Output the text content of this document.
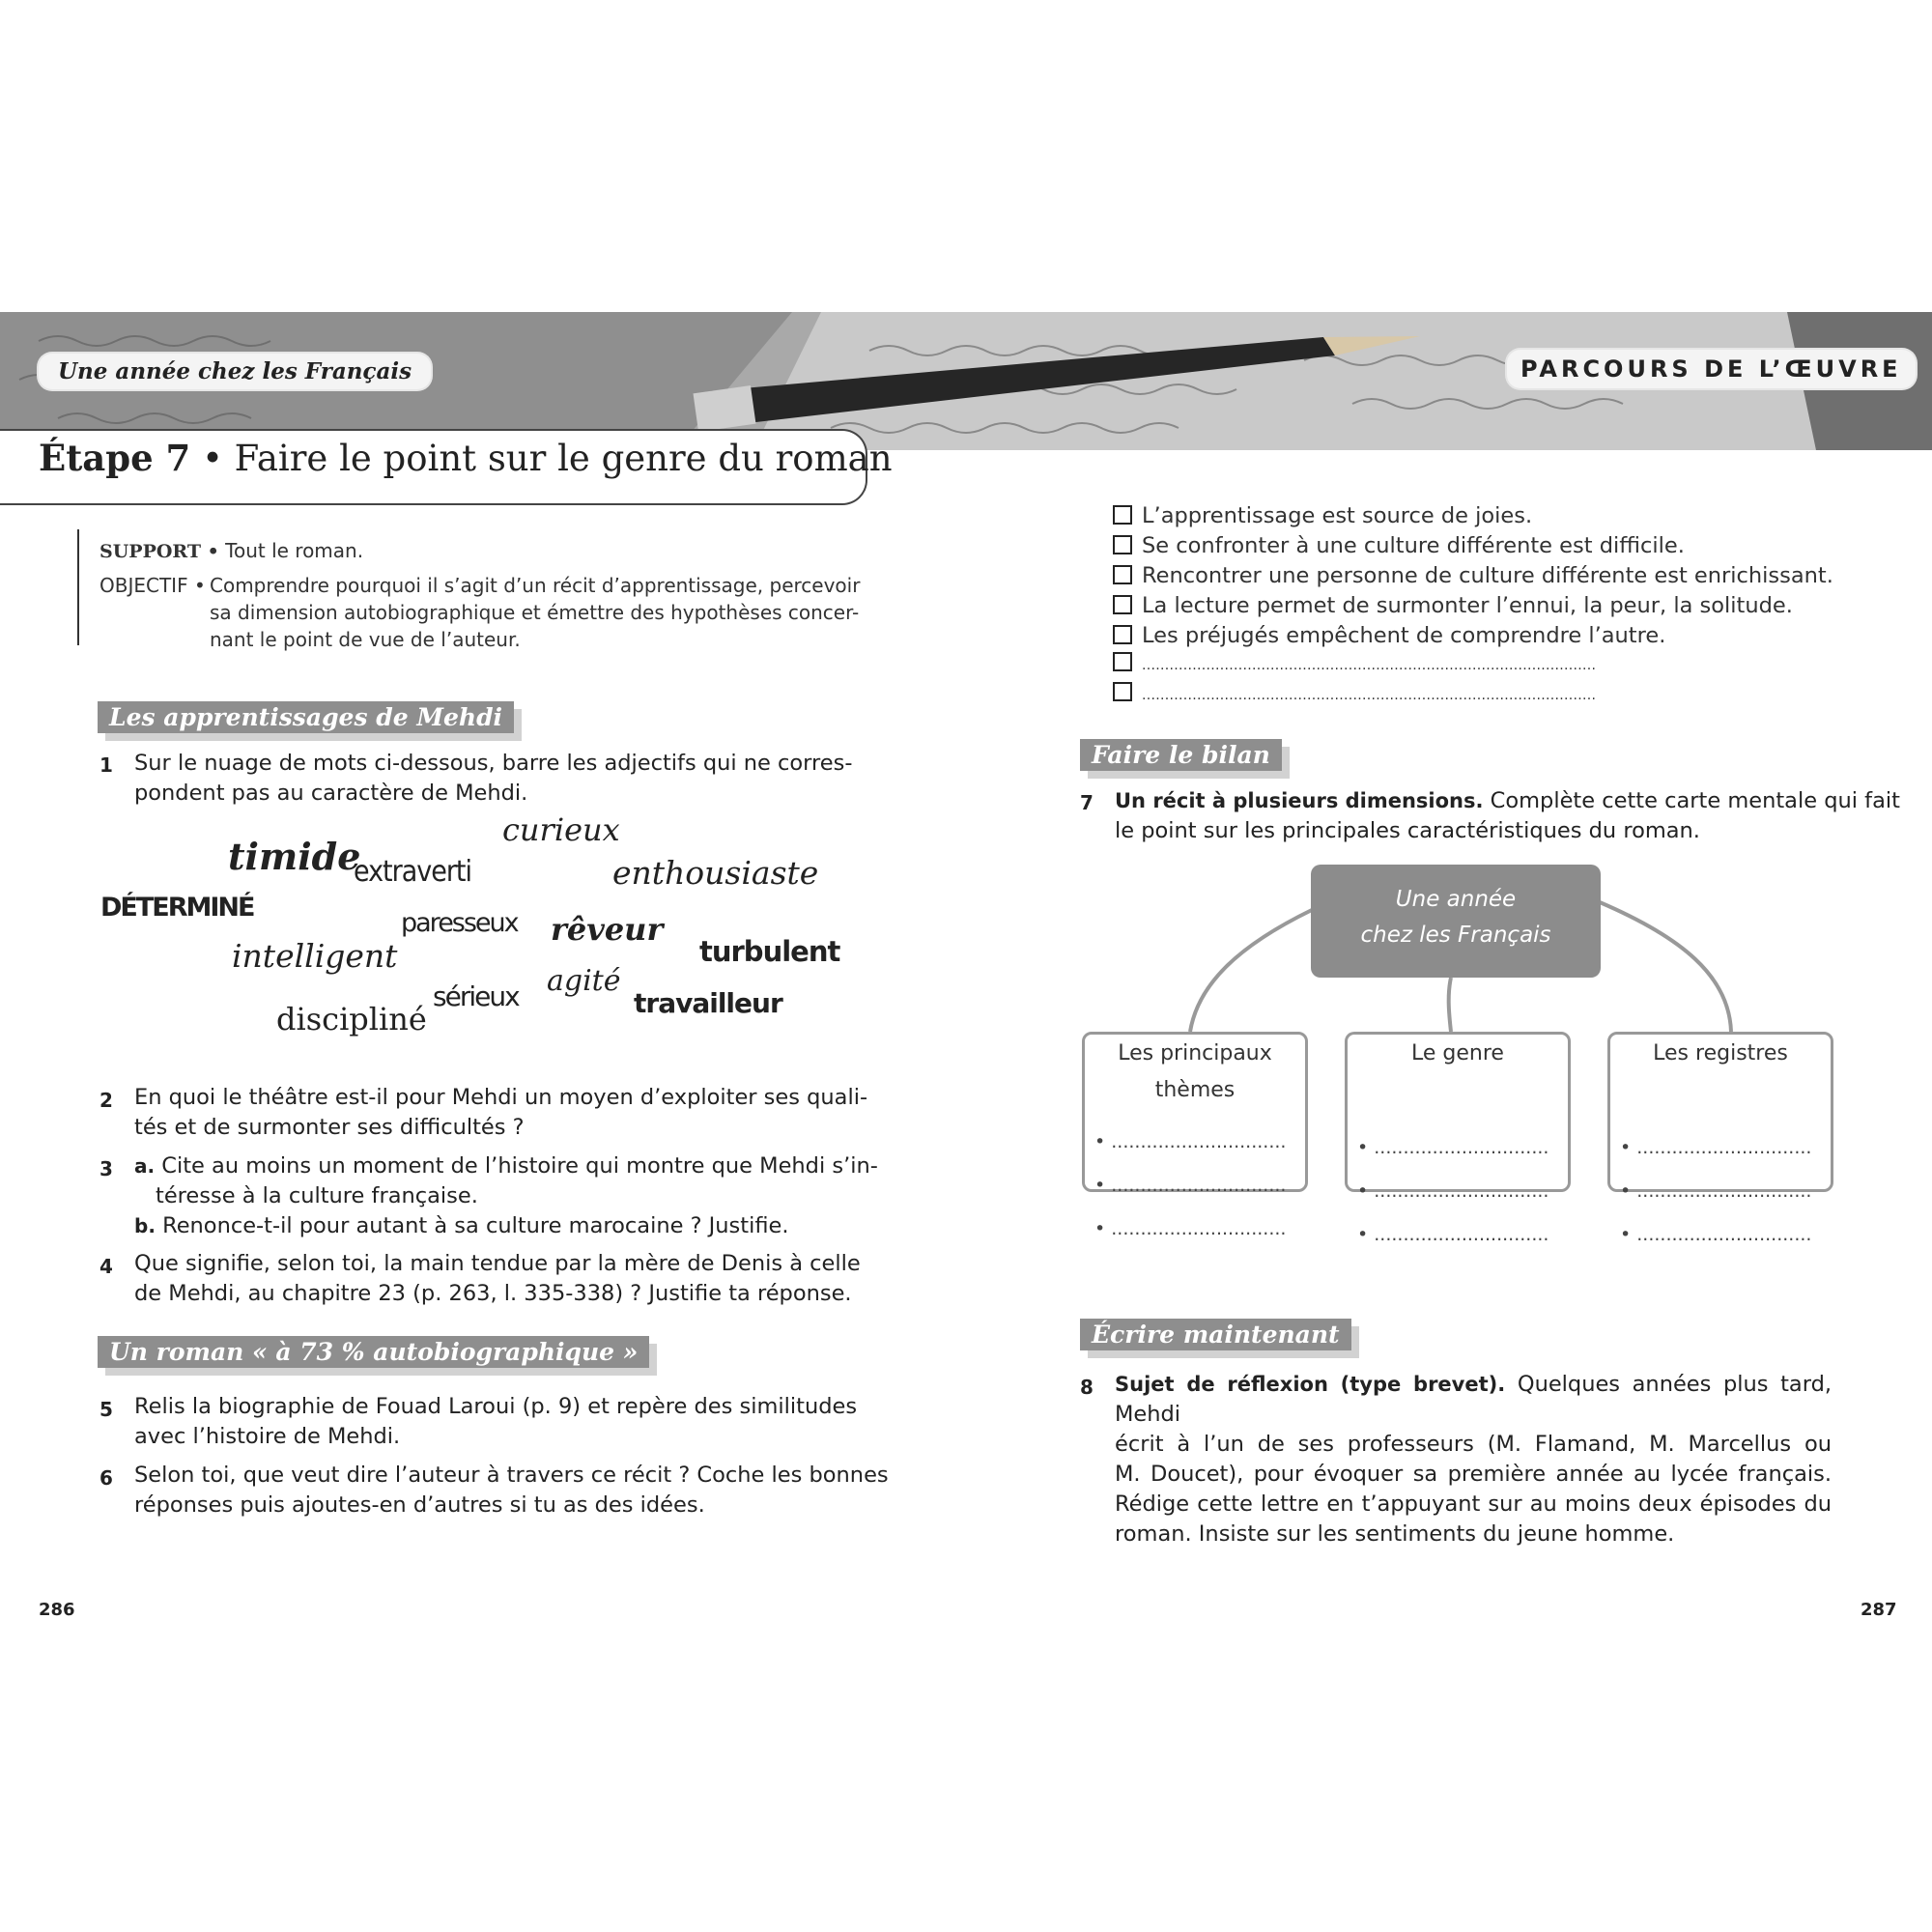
Une année chez les Français	PARCOURS DE L’ŒUVRE
Étape 7 • Faire le point sur le genre du roman
SUPPORT • Tout le roman.
OBJECTIF • Comprendre pourquoi il s’agit d’un récit d’apprentissage, percevoir
sa dimension autobiographique et émettre des hypothèses concer-
nant le point de vue de l’auteur.
Les apprentissages de Mehdi
1 Sur le nuage de mots ci-dessous, barre les adjectifs qui ne corres-
pondent pas au caractère de Mehdi.
curieux
timide
extraverti	enthousiaste
DÉTERMINÉ
paresseux rêveur
turbulent
intelligent
agité
sérieux	travailleur
discipliné
2 En quoi le théâtre est-il pour Mehdi un moyen d’exploiter ses quali-
tés et de surmonter ses difficultés ?
3 a. Cite au moins un moment de l’histoire qui montre que Mehdi s’in-
téresse à la culture française.
b. Renonce-t-il pour autant à sa culture marocaine ? Justifie.
4 Que signifie, selon toi, la main tendue par la mère de Denis à celle
de Mehdi, au chapitre 23 (p. 263, l. 335-338) ? Justifie ta réponse.
Un roman « à 73 % autobiographique »
5 Relis la biographie de Fouad Laroui (p. 9) et repère des similitudes
avec l’histoire de Mehdi.
6 Selon toi, que veut dire l’auteur à travers ce récit ? Coche les bonnes
réponses puis ajoutes-en d’autres si tu as des idées.
286
L’apprentissage est source de joies.
Se confronter à une culture différente est difficile.
Rencontrer une personne de culture différente est enrichissant.
La lecture permet de surmonter l’ennui, la peur, la solitude.
Les préjugés empêchent de comprendre l’autre.
...................................................................................................
...................................................................................................
Faire le bilan
7 Un récit à plusieurs dimensions. Complète cette carte mentale qui fait
le point sur les principales caractéristiques du roman.
Une année
chez les Français
Les principaux
thèmes
• ..............................
• ..............................
• ..............................
Le genre
• ..............................
• ..............................
• ..............................
Les registres
• ..............................
• ..............................
• ..............................
Écrire maintenant
8 Sujet de réflexion (type brevet). Quelques années plus tard, Mehdi
écrit à l’un de ses professeurs (M. Flamand, M. Marcellus ou
M. Doucet), pour évoquer sa première année au lycée français.
Rédige cette lettre en t’appuyant sur au moins deux épisodes du
roman. Insiste sur les sentiments du jeune homme.
287
